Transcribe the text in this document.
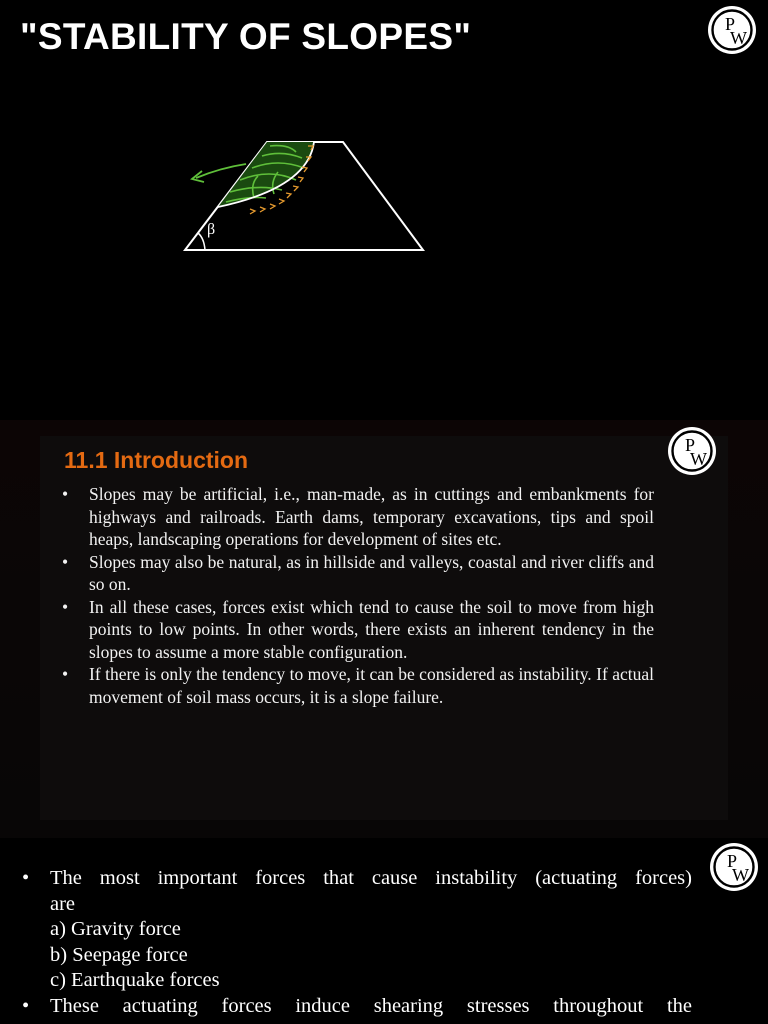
"STABILITY OF SLOPES"	P
W
β
P
W
11.1 Introduction
• Slopes may be artificial, i.e., man-made, as in cuttings and embankments for highways and railroads. Earth dams, temporary excavations, tips and spoil heaps, landscaping operations for development of sites etc.
• Slopes may also be natural, as in hillside and valleys, coastal and river cliffs and so on.
• In all these cases, forces exist which tend to cause the soil to move from high points to low points. In other words, there exists an inherent tendency in the slopes to assume a more stable configuration.
• If there is only the tendency to move, it can be considered as instability. If actual movement of soil mass occurs, it is a slope failure.
P
W
• The most important forces that cause instability (actuating forces)
are
a) Gravity force
b) Seepage force
c) Earthquake forces
• These actuating forces induce shearing stresses throughout the
